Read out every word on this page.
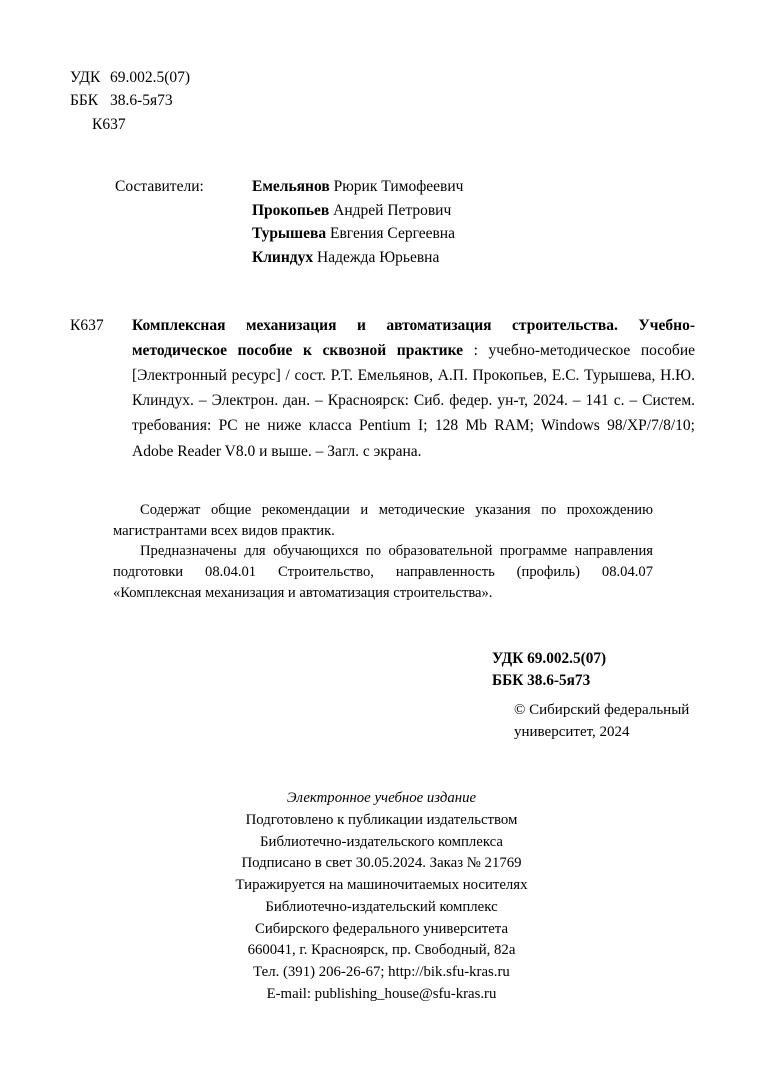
УДК 69.002.5(07)
ББК 38.6-5я73
К637
Составители:	Емельянов Рюрик Тимофеевич
Прокопьев Андрей Петрович
Турышева Евгения Сергеевна
Клиндух Надежда Юрьевна
К637 Комплексная механизация и автоматизация строительства. Учебно-методическое пособие к сквозной практике : учебно-методическое пособие [Электронный ресурс] / сост. Р.Т. Емельянов, А.П. Прокопьев, Е.С. Турышева, Н.Ю. Клиндух. – Электрон. дан. – Красноярск: Сиб. федер. ун-т, 2024. – 141 с. – Систем. требования: PC не ниже класса Pentium I; 128 Mb RAM; Windows 98/XP/7/8/10; Adobe Reader V8.0 и выше. – Загл. с экрана.

Содержат общие рекомендации и методические указания по прохождению магистрантами всех видов практик.

Предназначены для обучающихся по образовательной программе направления подготовки 08.04.01 Строительство, направленность (профиль) 08.04.07 «Комплексная механизация и автоматизация строительства».

УДК 69.002.5(07)
ББК 38.6-5я73
© Сибирский федеральный
университет, 2024
Электронное учебное издание
Подготовлено к публикации издательством
Библиотечно-издательского комплекса
Подписано в свет 30.05.2024. Заказ № 21769
Тиражируется на машиночитаемых носителях
Библиотечно-издательский комплекс
Сибирского федерального университета
660041, г. Красноярск, пр. Свободный, 82а
Тел. (391) 206-26-67; http://bik.sfu-kras.ru
E-mail: publishing_house@sfu-kras.ru
